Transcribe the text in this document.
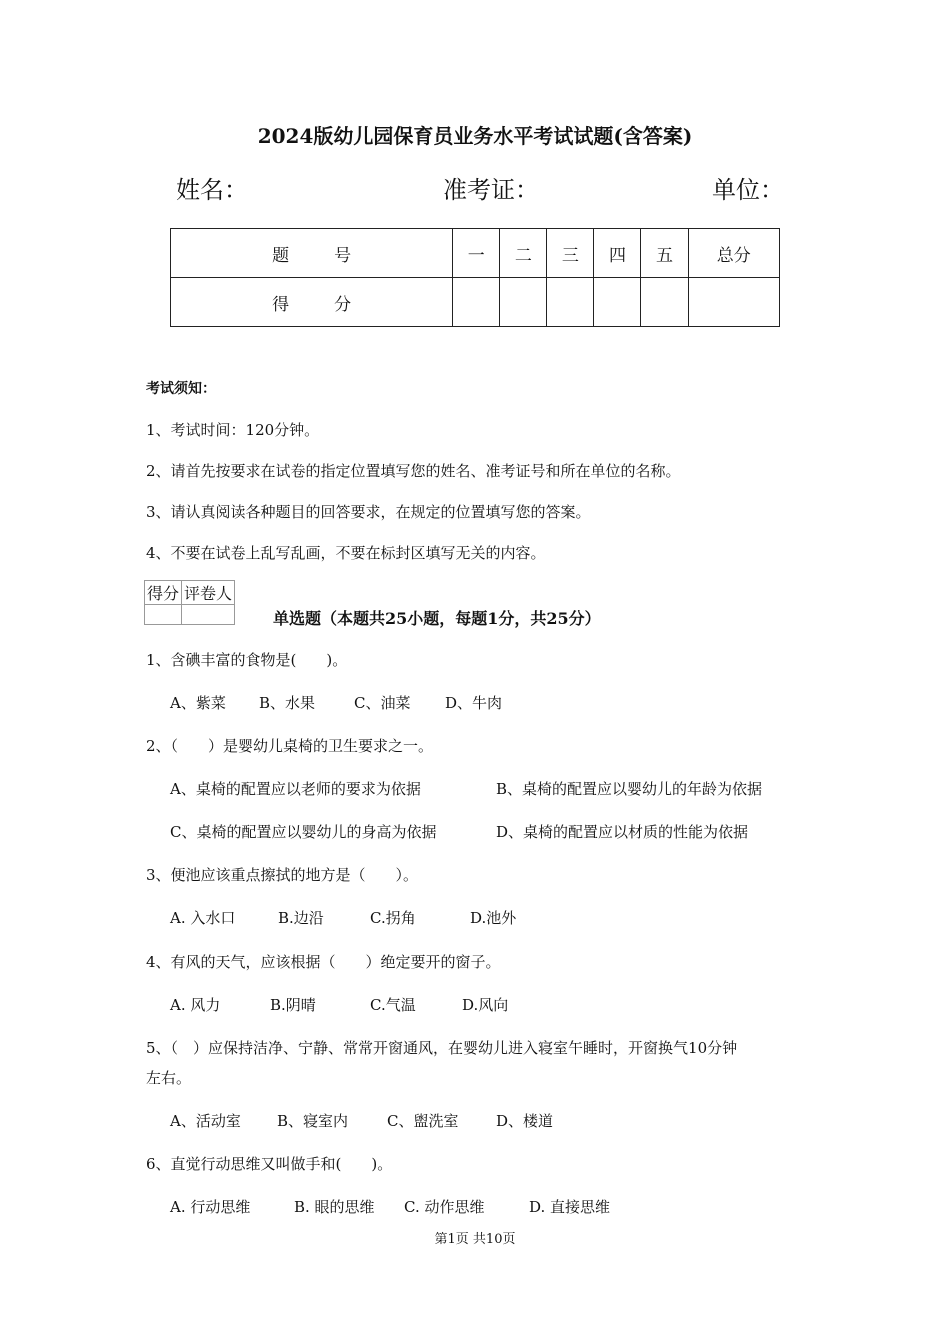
2024版幼儿园保育员业务水平考试试题(含答案)
姓名：	准考证：	单位：
题　号	一	二	三	四	五	总分
得　分						
考试须知：
1、考试时间：120分钟。
2、请首先按要求在试卷的指定位置填写您的姓名、准考证号和所在单位的名称。
3、请认真阅读各种题目的回答要求，在规定的位置填写您的答案。
4、不要在试卷上乱写乱画，不要在标封区填写无关的内容。
得分	评卷人

单选题（本题共25小题，每题1分，共25分）
1、含碘丰富的食物是(　　)。
A、紫菜 B、水果	C、油菜 D、牛肉
2、（　　）是婴幼儿桌椅的卫生要求之一。
A、桌椅的配置应以老师的要求为依据	B、桌椅的配置应以婴幼儿的年龄为依据
C、桌椅的配置应以婴幼儿的身高为依据	D、桌椅的配置应以材质的性能为依据
3、便池应该重点擦拭的地方是（　　）。
A. 入水口	B.边沿	C.拐角	D.池外
4、有风的天气，应该根据（　　）绝定要开的窗子。
A. 风力	B.阴晴	C.气温	D.风向
5、（　）应保持洁净、宁静、常常开窗通风，在婴幼儿进入寝室午睡时，开窗换气10分钟
左右。
A、活动室 B、寝室内	C、盥洗室	D、楼道
6、直觉行动思维又叫做手和(　　)。
A. 行动思维	B. 眼的思维 C. 动作思维	D. 直接思维
第1页 共10页
